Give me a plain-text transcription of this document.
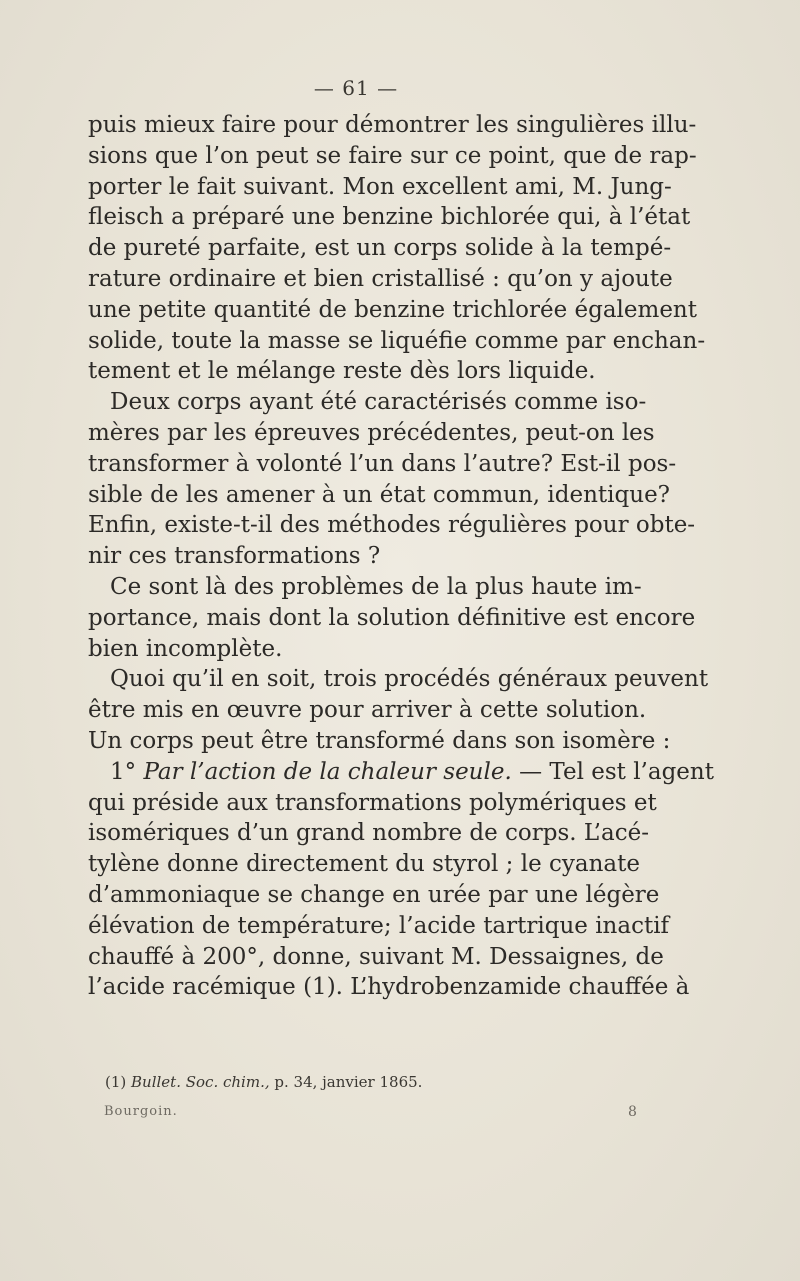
— 61 —
puis mieux faire pour démontrer les singulières illu-
sions que l’on peut se faire sur ce point, que de rap-
porter le fait suivant. Mon excellent ami, M. Jung-
fleisch a préparé une benzine bichlorée qui, à l’état
de pureté parfaite, est un corps solide à la tempé-
rature ordinaire et bien cristallisé : qu’on y ajoute
une petite quantité de benzine trichlorée également
solide, toute la masse se liquéfie comme par enchan-
tement et le mélange reste dès lors liquide.
Deux corps ayant été caractérisés comme iso-
mères par les épreuves précédentes, peut-on les
transformer à volonté l’un dans l’autre? Est-il pos-
sible de les amener à un état commun, identique?
Enfin, existe-t-il des méthodes régulières pour obte-
nir ces transformations ?
Ce sont là des problèmes de la plus haute im-
portance, mais dont la solution définitive est encore
bien incomplète.
Quoi qu’il en soit, trois procédés généraux peuvent
être mis en œuvre pour arriver à cette solution.
Un corps peut être transformé dans son isomère :
1° Par l’action de la chaleur seule. — Tel est l’agent
qui préside aux transformations polymériques et
isomériques d’un grand nombre de corps. L’acé-
tylène donne directement du styrol ; le cyanate
d’ammoniaque se change en urée par une légère
élévation de température; l’acide tartrique inactif
chauffé à 200°, donne, suivant M. Dessaignes, de
l’acide racémique (1). L’hydrobenzamide chauffée à
(1) Bullet. Soc. chim., p. 34, janvier 1865.
Bourgoin.	8
